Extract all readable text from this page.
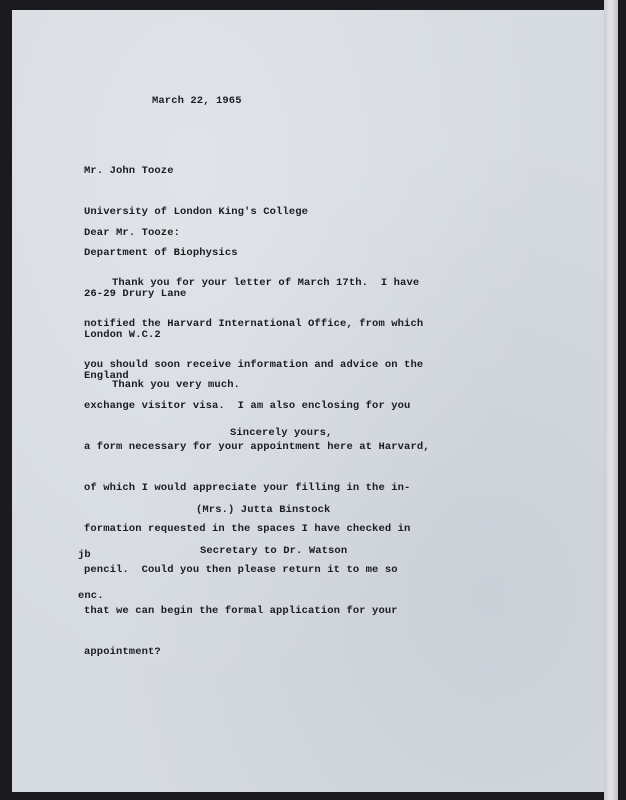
March 22, 1965

Mr. John Tooze

University of London King's College

Department of Biophysics

26-29 Drury Lane

London W.C.2

England

Dear Mr. Tooze:

Thank you for your letter of March 17th.  I have

notified the Harvard International Office, from which

you should soon receive information and advice on the

exchange visitor visa.  I am also enclosing for you

a form necessary for your appointment here at Harvard,

of which I would appreciate your filling in the in-

formation requested in the spaces I have checked in

pencil.  Could you then please return it to me so

that we can begin the formal application for your

appointment?

Thank you very much.
Sincerely yours,

(Mrs.) Jutta Binstock

Secretary to Dr. Watson

jb

enc.
